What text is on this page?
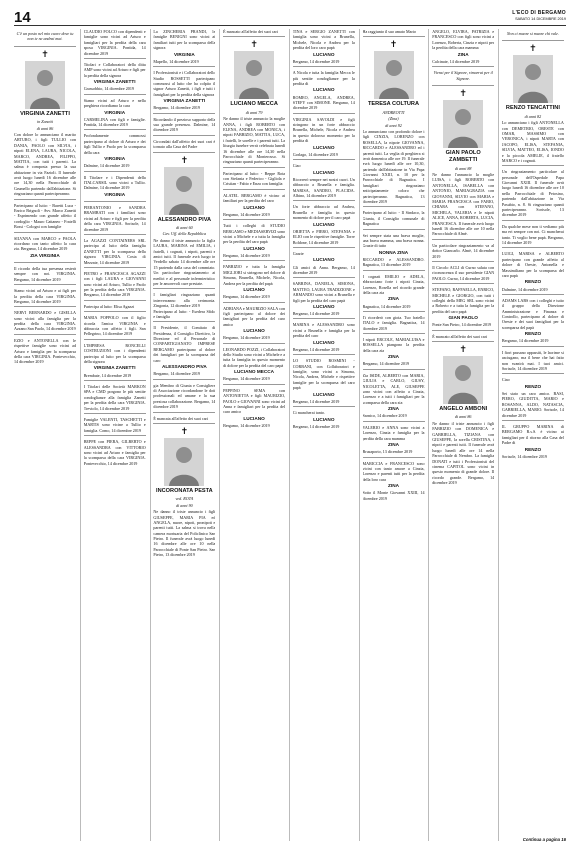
14	L'ECO DI BERGAMO
SABATO 14 DICEMBRE 2019
C'è un posto nel mio cuore dove tu non te ne andrai mai.
✝
VIRGINIA ZANETTI
in Zanetti
di anni 86
Con dolore lo annunciano il marito ARTURO, i figli TULLIO con DANIA, PAOLO con SILVIA, i nipoti ELENA, LAURA, NICOLA, MARCO, ANDREA, FILIPPO, MATTIA, con tutti i parenti. La salma è composta presso la sua abitazione in via Fazioli. Il funerale avrà luogo lunedì 16 dicembre alle ore 14,30 nella Parrocchiale di Grumello partendo dall'abitazione. Si ringraziano quanti parteciperanno.
Partecipano al lutto: - Baretti Luca - Enrico Brignoli - Avv. Marco Zanetti - Esprimendo con grande affetto il cordoglio - Mauro Cattaneo - Fratelli Bossi - Cologni con famiglie
SILVANA con MARCO e PAOLA ricordano con tanto affetto la cara zia. Bergamo, 14 dicembre 2019
ZIA VIRGINIA
Il ricordo della tua presenza resterà sempre con noi. VIRGINIA. Bergamo, 14 dicembre 2019
Siamo vicini ad Arturo e ai figli per la perdita della cara VIRGINIA. Bergamo, 14 dicembre 2019
NERVI BERNARDO e GISELLA sono vicini alla famiglia per la perdita della cara VIRGINIA. Azzano San Paolo, 14 dicembre 2019
EZIO e ANTONELLA con le rispettive famiglie sono vicini ad Arturo e famiglia per la scomparsa della cara VIRGINIA. Pontevecchio, 14 dicembre 2019
CLAUDIO FOLCO con dipendenti e famiglie sono vicini ad Arturo e famigliari per la perdita della cara sposa VIRGINIA. Pontida, 14 dicembre 2019
Titolari e Collaboratori della ditta AMP sono vicini ad Arturo e figli per la perdita della signora
VIRGINIA ZANETTI
Grassobbio, 14 dicembre 2019
Siamo vicini ad Arturo e nella preghiera ricordiamo la cara
VIRGINIA
CARMELINA con figli e famiglie. Pontida, 14 dicembre 2019
Profondamente commossi partecipano al dolore di Arturo e dei figli Tullio e Paolo per la scomparsa della cara
VIRGINIA
Dalmine, 14 dicembre 2019
Il Titolare e i Dipendenti della ITALCARSIL sono vicini a Tullio. Dalmine, 14 dicembre 2019
VIRGINIA
PIERANTONIO e SANDRA BRAMBATI con i familiari sono vicini ad Arturo e figli per la perdita della cara VIRGINIA. Sorisole, 14 dicembre 2019
La AGAZZI CONTAINERS SRL partecipa al lutto della famiglia ZANETTI per la scomparsa della signora VIRGINIA. Costa di Mezzate, 14 dicembre 2019
PIETRO e FRANCESCA AGAZZI con i figli LAURA e GIOVANNI sono vicini ad Arturo, Tullio e Paolo per la perdita della cara VIRGINIA. Bergamo, 14 dicembre 2019
Partecipa al lutto: Elisa Agazzi
MARIA POPPOLO con il figlio ricorda l'amica VIRGINIA e abbraccia con affetto i figli. San Pellegrino, 14 dicembre 2019
L'IMPRESA RONCELLI COSTRUZIONI con i dipendenti partecipa al lutto per la scomparsa della signora
VIRGINIA ZANETTI
Brembate, 14 dicembre 2019
I Titolari delle Società MARKON SPA e CMD porgono le più sentite condoglianze alla famiglia Zanetti per la perdita della cara VIRGINIA. Treviolo, 14 dicembre 2019
Famiglie VALENTI, TASCHETTI e MARTIS sono vicine a Tullio e famiglia. Como, 14 dicembre 2019
BEPPE con PIERA, GILBERTO e ALESSANDRA con VITTORIO sono vicini ad Arturo e famiglia per la scomparsa della cara VIRGINIA. Pontevecchio, 14 dicembre 2019
La ZINCHERIA PRANDI, le famiglie BENIGNI sono vicini ai familiari tutti per la scomparsa della signora
VIRGINIA
Mapello, 14 dicembre 2019
I Professionisti e i Collaboratori dello Studio ROSSETTI partecipano commossi al lutto che ha colpito il signor Arturo Zanetti, i figli e tutti i famigliari per la perdita della signora
VIRGINIA ZANETTI
Bergamo, 14 dicembre 2019
Ricordando il prezioso supporto della sua grande presenza. Dalmine, 14 dicembre 2019
Circondati dall'affetto dei suoi cari è tornato alla Casa del Padre
✝
ALESSANDRO PIVA
di anni 60
Cav. Uff. della Repubblica
Ne danno il triste annuncio la figlia LAURA, MARINA ed EMILIA, i fratelli, i cognati, i nipoti, parenti e amici tutti. Il funerale avrà luogo in Verdello sabato 14 dicembre alle ore 15 partendo dalla casa del commiato. Un particolare ringraziamento ai medici e al personale infermieristico per le amorevoli cure prestate.
I famigliari ringraziano quanti interverranno alla cerimonia. Zingonia, 12 dicembre 2019
Partecipano al lutto: - Esedera Sfido e famiglia
Il Presidente, il Comitato di Presidenza, il Consiglio Direttivo, la Direzione ed il Personale di CONFARTIGIANATO IMPRESE BERGAMO partecipano al dolore dei famigliari per la scomparsa del caro
ALESSANDRO PIVA
Bergamo, 14 dicembre 2019
gia Membro di Giunta e Consigliere di Associazione ricordandone le doti professionali ed umane e la sua preziosa collaborazione. Bergamo, 14 dicembre 2019
È mancata all'affetto dei suoi cari
✝
INCORONATA PESTA
ved. ROTA
di anni 90
Ne danno il triste annuncio i figli GIUSEPPE, MARIA PIA ed ANGELA, nuore, nipoti, pronipoti e parenti tutti. La salma si trova nella camera mortuaria del Policlinico San Pietro. Il funerale avrà luogo lunedì 16 dicembre alle ore 10 nella Parrocchiale di Ponte San Pietro. San Pietro, 13 dicembre 2019
È mancato all'affetto dei suoi cari
✝
LUCIANO MECCA
di anni 79
Ne danno il triste annuncio la moglie ANNA, i figli ROBERTO con ELENA, ANDREA con MONICA, i nipoti FABRIZIO, MATTIA, LUCA, i fratelli, le sorelle e i parenti tutti. La liturgia funebre verrà celebrata lunedì 16 dicembre alle ore 14,30 nella Parrocchiale di Monterosso. Si ringraziano quanti parteciperanno.
Partecipano al lutto: - Beppe Rota con Stefania e Federico - Gigliola e Cristian - Fabio e Enza con famiglia
ALATEL BERGAMO è vicino ai familiari per la perdita del caro
LUCIANO
Bergamo, 14 dicembre 2019
Tutti i colleghi di STUDIO BERGAMO e MEDIASERVIZI sono vicini a Michele e a tutta la famiglia per la perdita del caro papà
LUCIANO
Bergamo, 14 dicembre 2019
FABRIZIO e tutta la famiglia MIGLIORI si stringono nel dolore di Simona, Brunella, Michele, Nicola, Andrea per la perdita del papà
LUCIANO
Bergamo, 14 dicembre 2019
ADRIANA e MAURIZIO SALA con figli partecipano al dolore dei famigliari per la perdita del caro amico
LUCIANO
Bergamo, 14 dicembre 2019
LEONARDO POZZI, i Collaboratori dello Studio sono vicini a Michele e a tutta la famiglia in questo momento di dolore per la perdita del caro papà
LUCIANO MECCA
Bergamo, 14 dicembre 2019
PEPPINO SEMA con ANTONIETTA e figli MAURIZIO, PAOLO e GIOVANNI sono vicini ad Anna e famigliari per la perdita del caro amico
LUCIANO
Bergamo, 14 dicembre 2019
TINA e SERGIO ZANETTI con famiglia sono vicini a Brunella, Michele, Nicola e Andrea per la perdita del loro caro papà
LUCIANO
Bergamo, 14 dicembre 2019
A Nicola e tutta la famiglia Mecca le più sentite condoglianze per la perdita di
LUCIANO
ROMEO, ANGELA, ANDREA, STEFY con SIMONE. Bergamo, 14 dicembre 2019
VIRGINIA SAVOLDI e figli stringono in un forte abbraccio Brunella, Michele, Nicola e Andrea in questo doloroso momento per la perdita di
LUCIANO
Gorlago, 14 dicembre 2019
Ciao
LUCIANO
Ricorrerò sempre nei nostri cuori. Un abbraccio a Brunella e famiglia. MARISA, SANDRO, PLACIDA. Albino, 14 dicembre 2019
Un forte abbraccio ad Andrea, Brunella e famiglia in questo momento di dolore per il caro papà
LUCIANO
ORIETTA e PIERO, STEFANIA e ELIO con le rispettive famiglie. Torre Boldone, 14 dicembre 2019
Grazie
LUCIANO
Gli amici di Anna. Bergamo, 14 dicembre 2019
SABRINA, DANIELA, SIMONA, MATTEO, LAURA TRADIZIONE e ARMANDO sono vicini a Brunella e figli per la perdita del caro papà
LUCIANO
Bergamo, 14 dicembre 2019
MARINA e ALESSANDRO sono vicini a Brunella e famiglia per la perdita del caro
LUCIANO
Bergamo, 14 dicembre 2019
LO STUDIO ROSMINI - CORBANI, con Collaboratori e famiglie, sono vicini a Simona, Nicola, Andrea, Michele e rispettive famiglie per la scomparsa del caro papà
LUCIANO
Bergamo, 14 dicembre 2019
Ci mancherai tanto.
LUCIANO
Bergamo, 14 dicembre 2019
Ha raggiunto il suo amato Mario
✝
TERESA COLTURA
ANDREOTTI
(Zina)
di anni 92
Lo annunciano con profondo dolore i figli CINZIA, LORENZO con ROSELLA, la nipote GIOVANNA, RICCARDO e ALESSANDRO ed i parenti tutti. La veglia di preghiera si terrà domenica alle ore 19. Il funerale avrà luogo lunedì alle ore 10,30, partendo dall'abitazione in Via Papa Giovanni XXIII, n. 10 per la Parrocchiale di Bagnatica. I famigliari ringraziano anticipatamente coloro che parteciperanno. Bagnatica, 13 dicembre 2019
Partecipano al lutto: - Il Sindaco, la Giunta, il Consiglio comunale di Bagnatica
Sei sempre stata una brava moglie, una brava mamma, una brava nonna. Grazie di tutto
NONNA ZINA
RICCARDO e ALESSANDRO. Bagnatica, 13 dicembre 2019
I cognati EMILIO e ADELA, abbracciano forte i nipoti Cinzia, Lorenzo, Rosella nel ricordo grande della cara zia
ZINA
Bagnatica, 14 dicembre 2019
Ti ricorderò con gioia. Tuo fratello ITALO e famiglia. Bagnatica, 14 dicembre 2019
I nipoti ERCOLE, MARIALUISA e ROSSELLA piangono la perdita della cara zia
ZINA
Bergamo, 14 dicembre 2019
Zia ISIDE, ALBERTO con MARIA, GIULIA e CARLO, GIUSY, NICOLETTA, ALE, GIUSEPPE sono vicini con affetto a Cinzia, Lorenzo e a tutti i famigliari per la scomparsa della cara zia
ZINA
Sarnico, 14 dicembre 2019
VALERIO e ANNA sono vicini a Lorenzo, Cinzia e famiglia per la perdita della cara mamma
ZINA
Brusaporto, 13 dicembre 2019
MARICCIA e FRANCESCO sono vicini con tanto amore a Cinzia, Lorenzo e parenti tutti per la perdita della loro cara
ZINA
Sotto il Monte Giovanni XXIII, 14 dicembre 2019
ANGELO, ELVIRA, PATRIZIA e FRANCESCO con figli sono vicini a Lorenzo, Roberta, Cinzia e nipoti per la perdita della cara mamma
ZINA
Calcinate, 14 dicembre 2019
Vivrai per il Signore, rimarrai per il Signore.
✝
GIAN PAOLO ZAMBETTI
di anni 88
Ne danno l'annuncio la moglie LUISA, i figli ROBERTO con ANTONELLA, ISABELLA con ANTONIO, MARIAGRAZIA con GIOVANNI, SILVIO con MARIA e MARIA FRANCESCA con FABIO, CHIARA con STEFANO, MICHELA, VALERIA e le nipoti ALICE, ANNA, ROBERTA, LUCIA, FRANCESCA. Il funerale avrà luogo lunedì 16 dicembre alle ore 10 nella Parrocchiale di Almè.
Un particolare ringraziamento va al dottor Giancarlo. Almè, 14 dicembre 2019
Il Circolo ACLI di Curno saluta con riconoscenza il suo presidente GIAN PAOLO. Curno, 14 dicembre 2019
STEFANO, RAFFAELLA, ENRICO, MICHELE e GIORGIO, con tutti i colleghi della MEG SRL sono vicini a Roberto e a tutta la famiglia per la perdita del caro papà
GIAN PAOLO
Ponte San Pietro, 14 dicembre 2019
È mancato all'affetto dei suoi cari
✝
ANGELO AMBONI
di anni 86
Ne danno il triste annuncio i figli FABRIZIO con DOMENICA e GABRIELLA, TIZIANA con GIUSEPPE, la sorella CRISTINA, i nipoti e parenti tutti. Il funerale avrà luogo lunedì alle ore 14 nella Parrocchiale di Nembro. La famiglia DONATI e tutti i Professionisti del cinema CAPITOL sono vicini in questo momento di grande dolore. Il ricordo grande. Bergamo, 14 dicembre 2019
Non ci muore si muore chi vale.
✝
RENZO TENCATTINI
di anni 82
Lo annunciano i figli ANTONELLA con DEMETRIO, ORESTE con OMAR, MASSIMO con VERONICA, i nipoti MARTA con JACOPO, ELISA, STEFANIA, SILVIA, MATTEO, ELISA, IONDO e la piccola AMELIE, il fratello MARCO e i cognati.
Un ringraziamento particolare al personale dell'Ospedale Papa Giovanni XXIII. Il funerale avrà luogo lunedì 16 dicembre alle ore 10 nella Parrocchiale di Petosino, partendo dall'abitazione in Via Pasubio, n. 8. Si ringraziano quanti parteciperanno. Sorisole, 13 dicembre 2019
Da qualche mese non ti vediamo più ma eri sempre con noi. Ci mancherai tanto. Ti voglio bene papà. Bergamo, 14 dicembre 2019
LUIGI, MARISA e ALBERTO partecipano con grande affetto al dolore di Oreste, Antonella e Massimiliano per la scomparsa del caro papà
RENZO
Dalmine, 14 dicembre 2019
ADAMS LABS con i colleghi e tutto il gruppo della Direzione Amministrazione e Finanza e Controllo, partecipano al dolore di Oreste e dei suoi famigliari per la scomparsa del papà
RENZO
Bergamo, 14 dicembre 2019
I fiori passano appassiti, le lacrime si asciugano, ma il bene che hai fatto non svanirà mai. I tuoi amici. Sorisole, 14 dicembre 2019
Ciao
RENZO
Sei stato un caro amico. BASI, PIERO, GIUDITTA, MARIO e ROSANNA, ALDO, NATASCIA, GABRIELLA, MARIO. Sorisole, 14 dicembre 2019
IL GRUPPO MARINA di BERGAMO R.s.S. è vicino ai famigliari per il ritorno alla Casa del Padre di
RENZO
Sorisole, 14 dicembre 2019
Continua a pagina 16
